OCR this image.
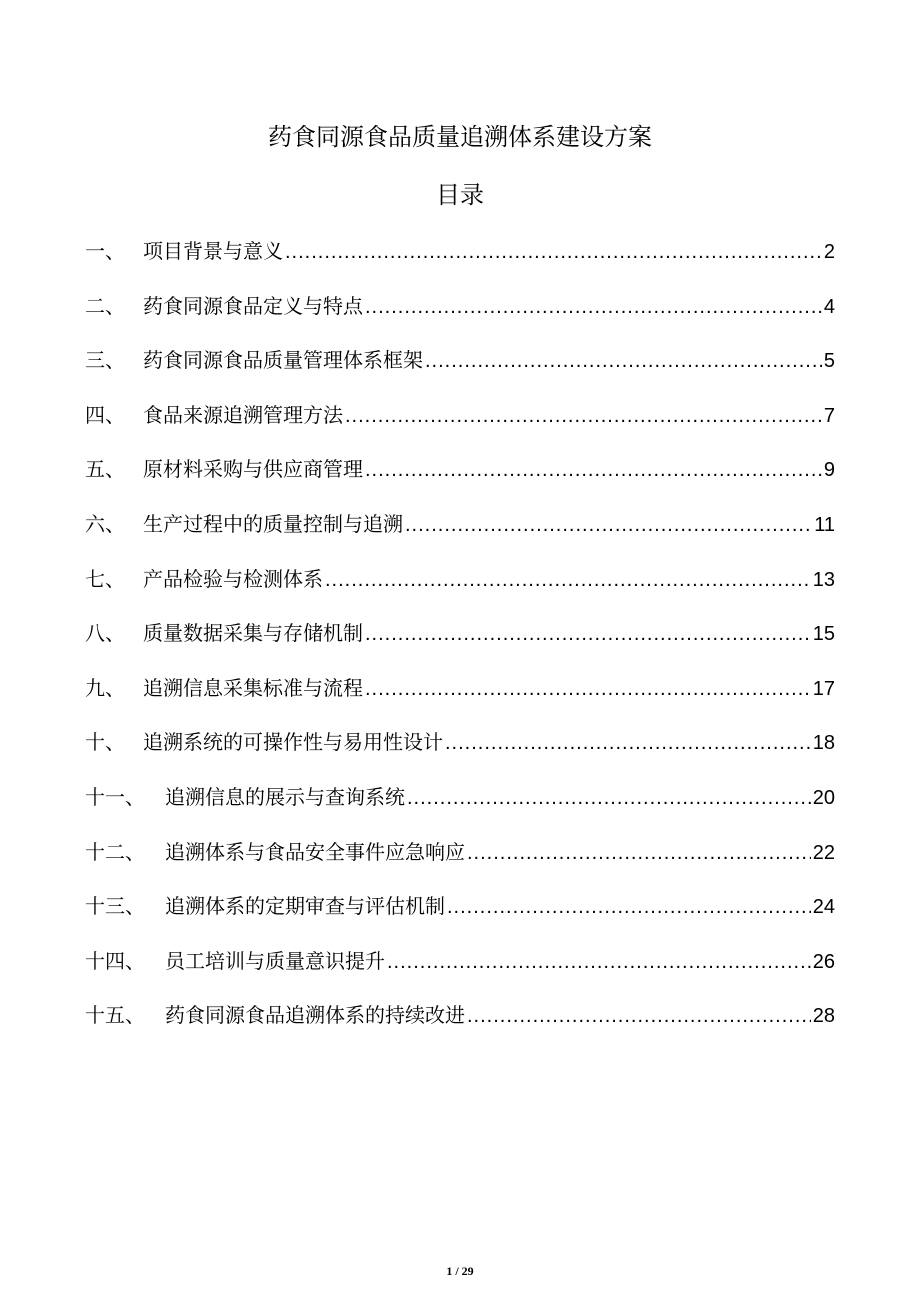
药食同源食品质量追溯体系建设方案
目录
一、 项目背景与意义 .....	2
二、 药食同源食品定义与特点 .....	4
三、 药食同源食品质量管理体系框架 .....	5
四、 食品来源追溯管理方法 .....	7
五、 原材料采购与供应商管理 .....	9
六、 生产过程中的质量控制与追溯 .....	11
七、 产品检验与检测体系 .....	13
八、 质量数据采集与存储机制 .....	15
九、 追溯信息采集标准与流程 .....	17
十、 追溯系统的可操作性与易用性设计 .....	18
十一、	追溯信息的展示与查询系统 .....	20
十二、	追溯体系与食品安全事件应急响应 .....	22
十三、	追溯体系的定期审查与评估机制 .....	24
十四、	员工培训与质量意识提升 .....	26
十五、	药食同源食品追溯体系的持续改进 .....	28
1 / 29
